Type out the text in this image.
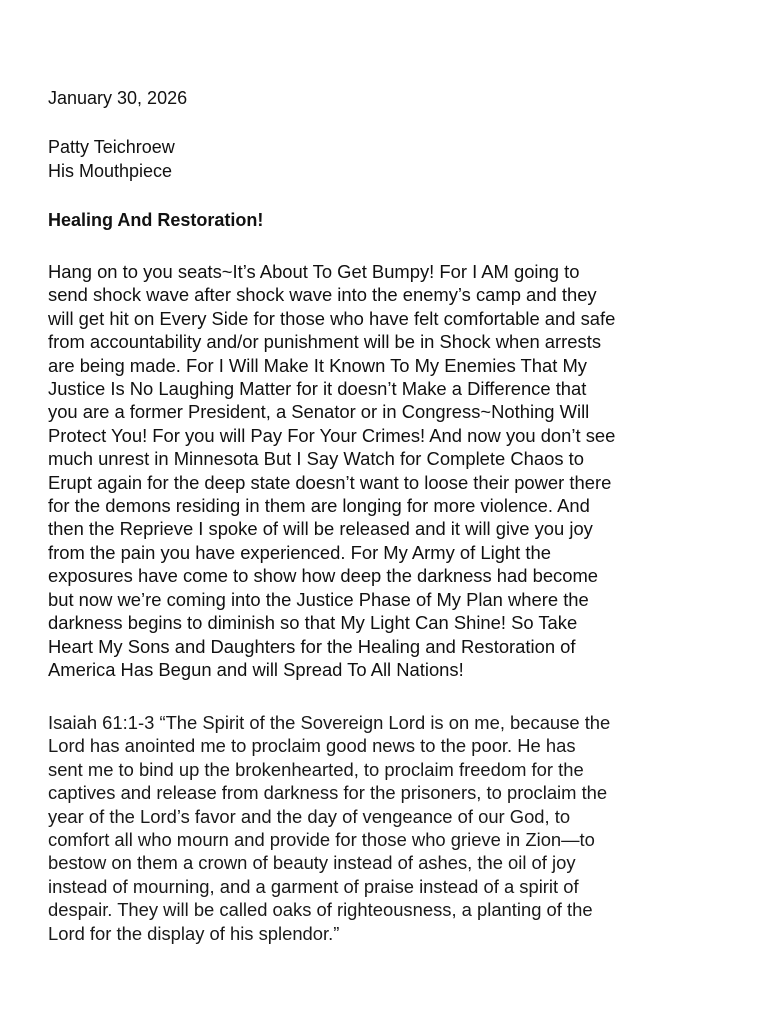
January 30, 2026
Patty Teichroew
His Mouthpiece
Healing And Restoration!
Hang on to you seats~It’s About To Get Bumpy! For I AM going to
send shock wave after shock wave into the enemy’s camp and they
will get hit on Every Side for those who have felt comfortable and safe
from accountability and/or punishment will be in Shock when arrests
are being made. For I Will Make It Known To My Enemies That My
Justice Is No Laughing Matter for it doesn’t Make a Difference that
you are a former President, a Senator or in Congress~Nothing Will
Protect You! For you will Pay For Your Crimes! And now you don’t see
much unrest in Minnesota But I Say Watch for Complete Chaos to
Erupt again for the deep state doesn’t want to loose their power there
for the demons residing in them are longing for more violence. And
then the Reprieve I spoke of will be released and it will give you joy
from the pain you have experienced. For My Army of Light the
exposures have come to show how deep the darkness had become
but now we’re coming into the Justice Phase of My Plan where the
darkness begins to diminish so that My Light Can Shine! So Take
Heart My Sons and Daughters for the Healing and Restoration of
America Has Begun and will Spread To All Nations!
Isaiah 61:1-3 “The Spirit of the Sovereign Lord is on me, because the
Lord has anointed me to proclaim good news to the poor. He has
sent me to bind up the brokenhearted, to proclaim freedom for the
captives and release from darkness for the prisoners, to proclaim the
year of the Lord’s favor and the day of vengeance of our God, to
comfort all who mourn and provide for those who grieve in Zion—to
bestow on them a crown of beauty instead of ashes, the oil of joy
instead of mourning, and a garment of praise instead of a spirit of
despair. They will be called oaks of righteousness, a planting of the
Lord for the display of his splendor.”
